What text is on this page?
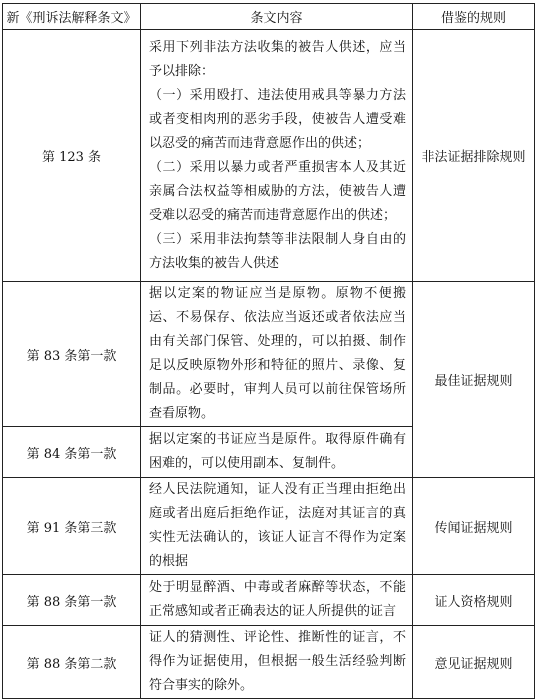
新《刑诉法解释条文》	条文内容	借鉴的规则
第 123 条	采用下列非法方法收集的被告人供述，应当予以排除：
（一）采用殴打、违法使用戒具等暴力方法或者变相肉刑的恶劣手段，使被告人遭受难以忍受的痛苦而违背意愿作出的供述；
（二）采用以暴力或者严重损害本人及其近亲属合法权益等相威胁的方法，使被告人遭受难以忍受的痛苦而违背意愿作出的供述；
（三）采用非法拘禁等非法限制人身自由的方法收集的被告人供述	非法证据排除规则
第 83 条第一款	据以定案的物证应当是原物。原物不便搬运、不易保存、依法应当返还或者依法应当由有关部门保管、处理的，可以拍摄、制作足以反映原物外形和特征的照片、录像、复制品。必要时，审判人员可以前往保管场所查看原物。	最佳证据规则
第 84 条第一款	据以定案的书证应当是原件。取得原件确有困难的，可以使用副本、复制件。	

第 91 条第三款	经人民法院通知，证人没有正当理由拒绝出庭或者出庭后拒绝作证，法庭对其证言的真实性无法确认的，该证人证言不得作为定案的根据	传闻证据规则
第 88 条第一款	处于明显醉酒、中毒或者麻醉等状态，不能正常感知或者正确表达的证人所提供的证言	证人资格规则
第 88 条第二款	证人的猜测性、评论性、推断性的证言，不得作为证据使用，但根据一般生活经验判断符合事实的除外。	意见证据规则
